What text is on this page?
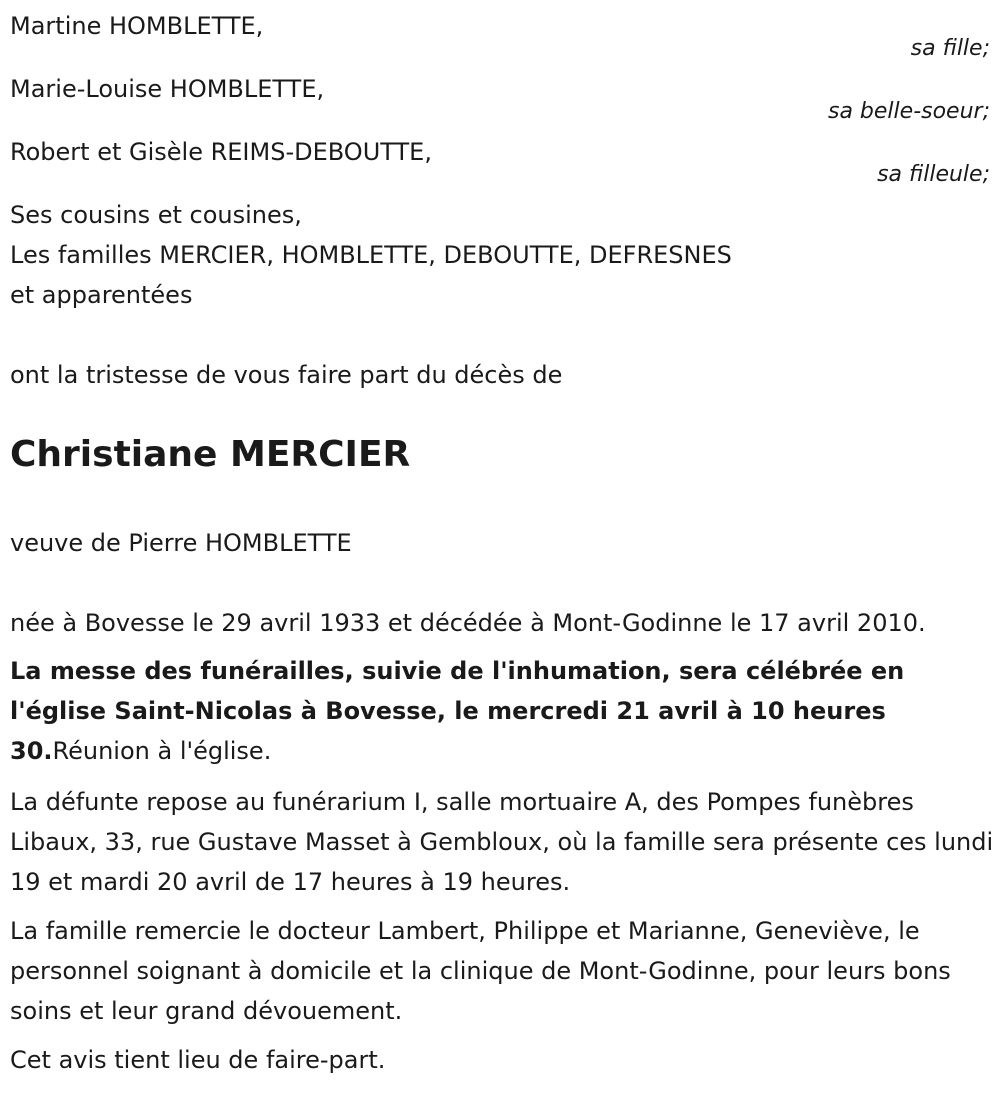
Martine HOMBLETTE,
sa fille;
Marie-Louise HOMBLETTE,
sa belle-soeur;
Robert et Gisèle REIMS-DEBOUTTE,
sa filleule;
Ses cousins et cousines,
Les familles MERCIER, HOMBLETTE, DEBOUTTE, DEFRESNES
et apparentées
ont la tristesse de vous faire part du décès de
Christiane MERCIER
veuve de Pierre HOMBLETTE
née à Bovesse le 29 avril 1933 et décédée à Mont-Godinne le 17 avril 2010.

La messe des funérailles, suivie de l'inhumation, sera célébrée en l'église Saint-Nicolas à Bovesse, le mercredi 21 avril à 10 heures 30.Réunion à l'église.

La défunte repose au funérarium I, salle mortuaire A, des Pompes funèbres Libaux, 33, rue Gustave Masset à Gembloux, où la famille sera présente ces lundi 19 et mardi 20 avril de 17 heures à 19 heures.

La famille remercie le docteur Lambert, Philippe et Marianne, Geneviève, le personnel soignant à domicile et la clinique de Mont-Godinne, pour leurs bons soins et leur grand dévouement.

Cet avis tient lieu de faire-part.
